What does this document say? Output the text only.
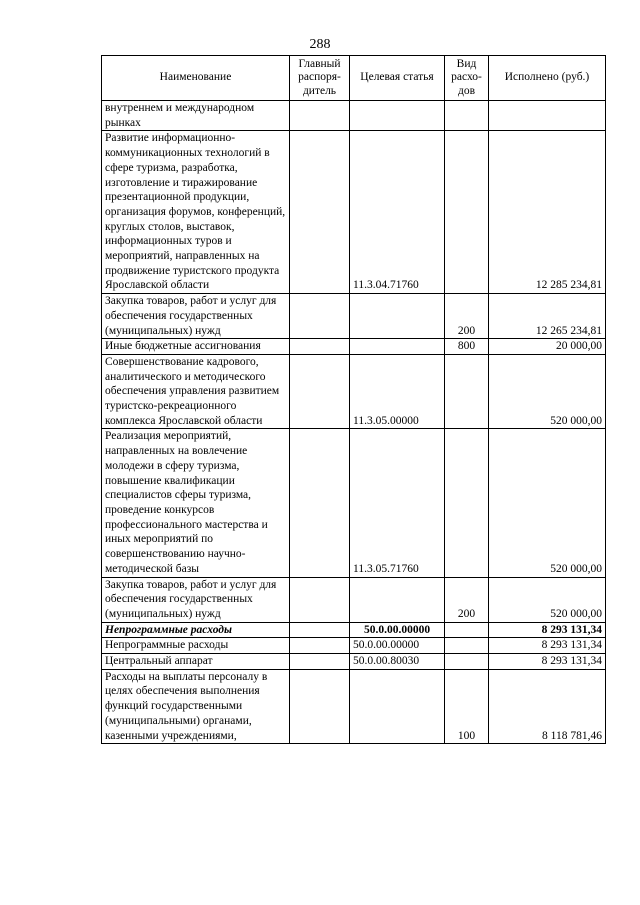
288
Наименование	Главный распоря-дитель	Целевая статья	Вид расхо-дов	Исполнено (руб.)
внутреннем и международном рынках				
Развитие информационно-коммуникационных технологий в сфере туризма, разработка, изготовление и тиражирование презентационной продукции, организация форумов, конференций, круглых столов, выставок, информационных туров и мероприятий, направленных на продвижение туристского продукта Ярославской области		11.3.04.71760		12 285 234,81
Закупка товаров, работ и услуг для обеспечения государственных (муниципальных) нужд			200	12 265 234,81
Иные бюджетные ассигнования			800	20 000,00
Совершенствование кадрового, аналитического и методического обеспечения управления развитием туристско-рекреационного комплекса Ярославской области		11.3.05.00000		520 000,00
Реализация мероприятий, направленных на вовлечение молодежи в сферу туризма, повышение квалификации специалистов сферы туризма, проведение конкурсов профессионального мастерства и иных мероприятий по совершенствованию научно-методической базы		11.3.05.71760		520 000,00
Закупка товаров, работ и услуг для обеспечения государственных (муниципальных) нужд			200	520 000,00
Непрограммные расходы		50.0.00.00000		8 293 131,34
Непрограммные расходы		50.0.00.00000		8 293 131,34
Центральный аппарат		50.0.00.80030		8 293 131,34
Расходы на выплаты персоналу в целях обеспечения выполнения функций государственными (муниципальными) органами, казенными учреждениями,			100	8 118 781,46
